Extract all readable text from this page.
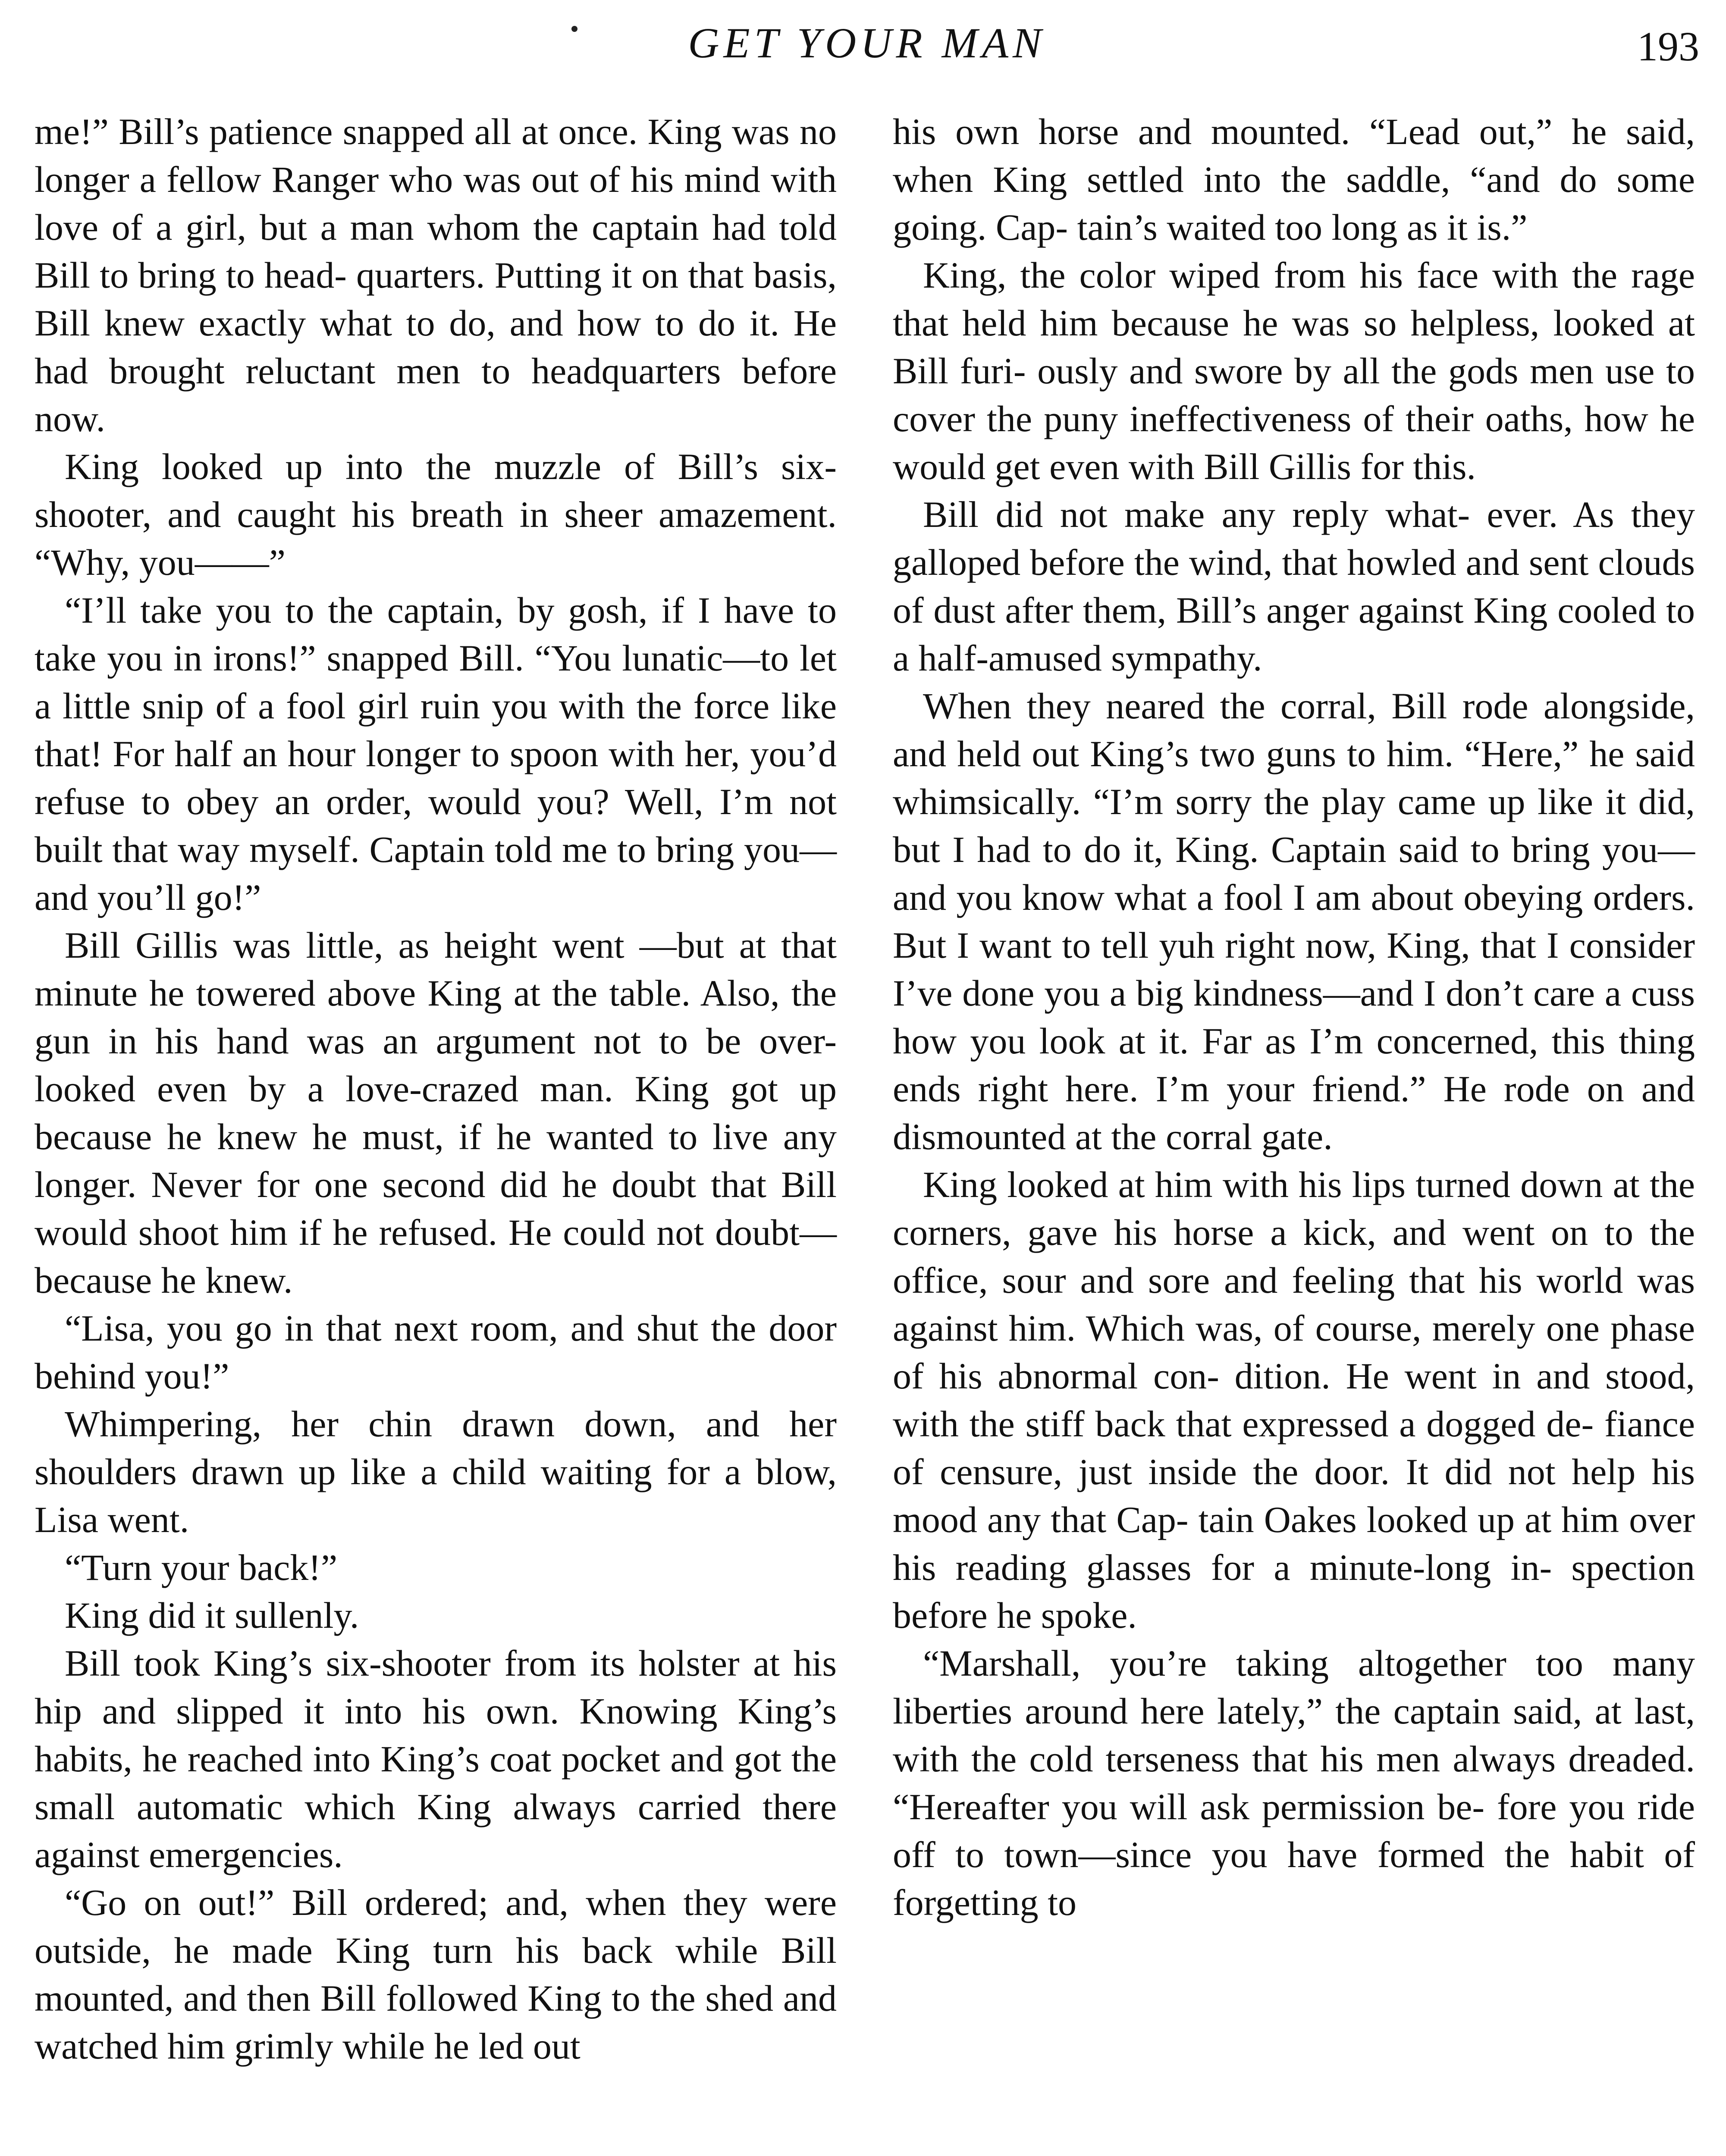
GET YOUR MAN	193

me!” Bill’s patience snapped all at once. King was no longer a fellow Ranger who was out of his mind with love of a girl, but a man whom the captain had told Bill to bring to head- quarters. Putting it on that basis, Bill knew exactly what to do, and how to do it. He had brought reluctant men to headquarters before now.

King looked up into the muzzle of Bill’s six-shooter, and caught his breath in sheer amazement. “Why, you——”

“I’ll take you to the captain, by gosh, if I have to take you in irons!” snapped Bill. “You lunatic—to let a little snip of a fool girl ruin you with the force like that! For half an hour longer to spoon with her, you’d refuse to obey an order, would you? Well, I’m not built that way myself. Captain told me to bring you—and you’ll go!”

Bill Gillis was little, as height went —but at that minute he towered above King at the table. Also, the gun in his hand was an argument not to be over- looked even by a love-crazed man. King got up because he knew he must, if he wanted to live any longer. Never for one second did he doubt that Bill would shoot him if he refused. He could not doubt—because he knew.

“Lisa, you go in that next room, and shut the door behind you!”

Whimpering, her chin drawn down, and her shoulders drawn up like a child waiting for a blow, Lisa went.

“Turn your back!”

King did it sullenly.

Bill took King’s six-shooter from its holster at his hip and slipped it into his own. Knowing King’s habits, he reached into King’s coat pocket and got the small automatic which King always carried there against emergencies.

“Go on out!” Bill ordered; and, when they were outside, he made King turn his back while Bill mounted, and then Bill followed King to the shed and watched him grimly while he led out

his own horse and mounted. “Lead out,” he said, when King settled into the saddle, “and do some going. Cap- tain’s waited too long as it is.”

King, the color wiped from his face with the rage that held him because he was so helpless, looked at Bill furi- ously and swore by all the gods men use to cover the puny ineffectiveness of their oaths, how he would get even with Bill Gillis for this.

Bill did not make any reply what- ever. As they galloped before the wind, that howled and sent clouds of dust after them, Bill’s anger against King cooled to a half-amused sympathy.

When they neared the corral, Bill rode alongside, and held out King’s two guns to him. “Here,” he said whimsically. “I’m sorry the play came up like it did, but I had to do it, King. Captain said to bring you—and you know what a fool I am about obeying orders. But I want to tell yuh right now, King, that I consider I’ve done you a big kindness—and I don’t care a cuss how you look at it. Far as I’m concerned, this thing ends right here. I’m your friend.” He rode on and dismounted at the corral gate.

King looked at him with his lips turned down at the corners, gave his horse a kick, and went on to the office, sour and sore and feeling that his world was against him. Which was, of course, merely one phase of his abnormal con- dition. He went in and stood, with the stiff back that expressed a dogged de- fiance of censure, just inside the door. It did not help his mood any that Cap- tain Oakes looked up at him over his reading glasses for a minute-long in- spection before he spoke.

“Marshall, you’re taking altogether too many liberties around here lately,” the captain said, at last, with the cold terseness that his men always dreaded. “Hereafter you will ask permission be- fore you ride off to town—since you have formed the habit of forgetting to
